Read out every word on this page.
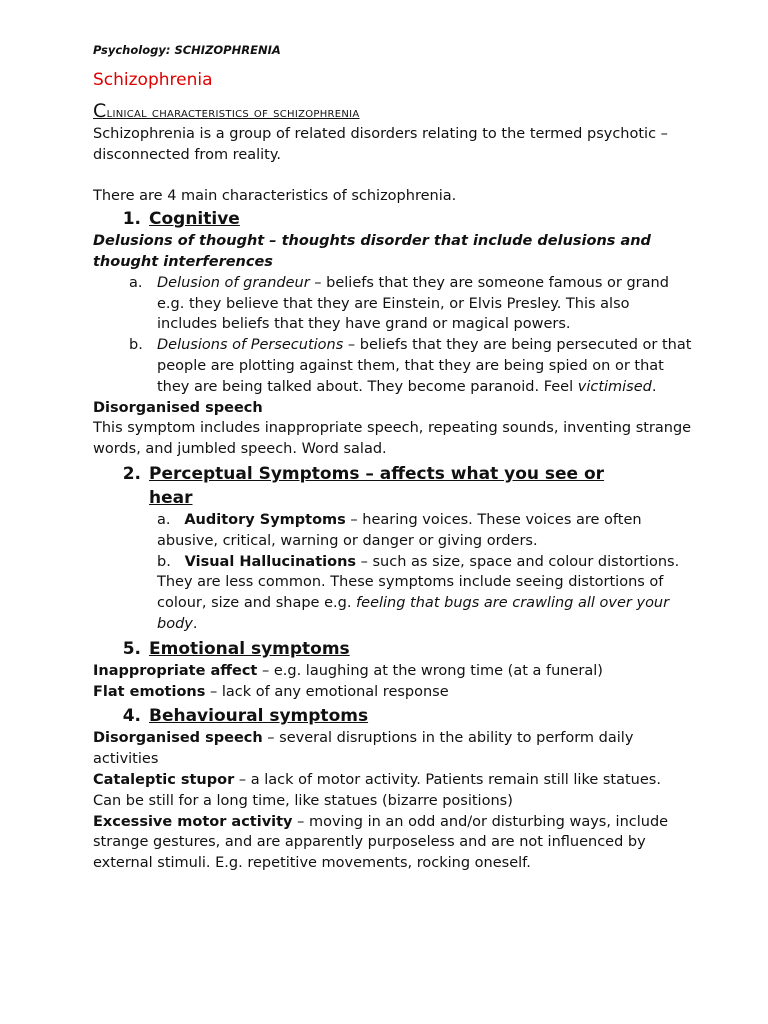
Psychology: SCHIZOPHRENIA

Schizophrenia

Clinical characteristics of schizophrenia

Schizophrenia is a group of related disorders relating to the termed psychotic – disconnected from reality.

There are 4 main characteristics of schizophrenia.

1. Cognitive

Delusions of thought – thoughts disorder that include delusions and thought interferences

a.	Delusion of grandeur – beliefs that they are someone famous or grand e.g. they believe that they are Einstein, or Elvis Presley. This also includes beliefs that they have grand or magical powers.
b. Delusions of Persecutions – beliefs that they are being persecuted or that people are plotting against them, that they are being spied on or that they are being talked about. They become paranoid. Feel victimised.

Disorganised speech

This symptom includes inappropriate speech, repeating sounds, inventing strange words, and jumbled speech. Word salad.

2. Perceptual Symptoms – affects what you see or hear
a. Auditory Symptoms – hearing voices. These voices are often abusive, critical, warning or danger or giving orders.
b. Visual Hallucinations – such as size, space and colour distortions. They are less common. These symptoms include seeing distortions of colour, size and shape e.g. feeling that bugs are crawling all over your body.
5. Emotional symptoms

Inappropriate affect – e.g. laughing at the wrong time (at a funeral)

Flat emotions – lack of any emotional response

4. Behavioural symptoms

Disorganised speech – several disruptions in the ability to perform daily activities

Cataleptic stupor – a lack of motor activity. Patients remain still like statues. Can be still for a long time, like statues (bizarre positions)

Excessive motor activity – moving in an odd and/or disturbing ways, include strange gestures, and are apparently purposeless and are not influenced by external stimuli. E.g. repetitive movements, rocking oneself.
